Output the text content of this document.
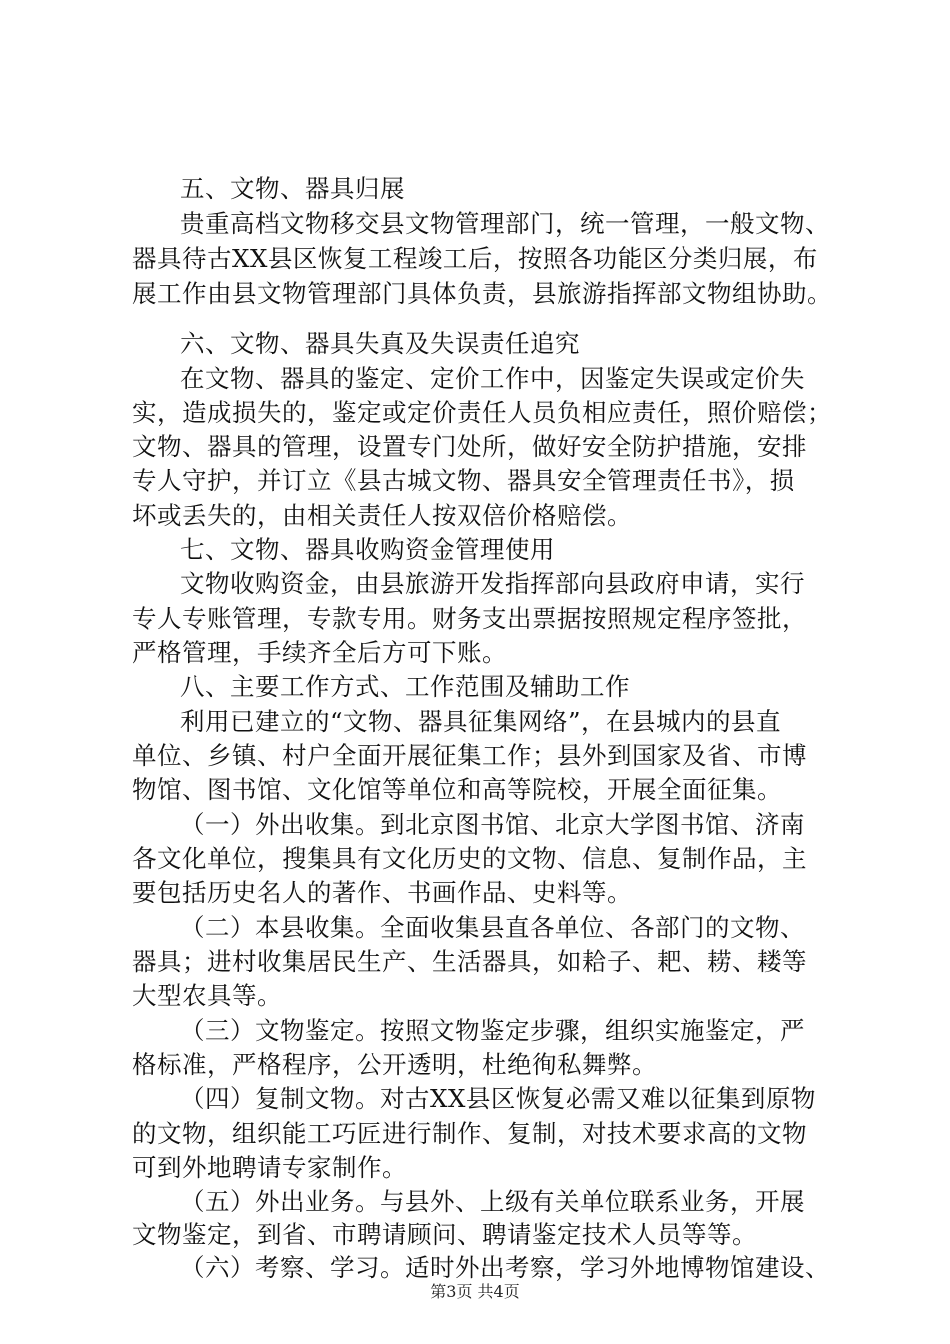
五、文物、器具归展
贵重高档文物移交县文物管理部门，统一管理，一般文物、
器具待古XX县区恢复工程竣工后，按照各功能区分类归展，布
展工作由县文物管理部门具体负责，县旅游指挥部文物组协助。
六、文物、器具失真及失误责任追究
在文物、器具的鉴定、定价工作中，因鉴定失误或定价失
实，造成损失的，鉴定或定价责任人员负相应责任，照价赔偿；
文物、器具的管理，设置专门处所，做好安全防护措施，安排
专人守护，并订立《县古城文物、器具安全管理责任书》，损
坏或丢失的，由相关责任人按双倍价格赔偿。
七、文物、器具收购资金管理使用
文物收购资金，由县旅游开发指挥部向县政府申请，实行
专人专账管理，专款专用。财务支出票据按照规定程序签批，
严格管理，手续齐全后方可下账。
八、主要工作方式、工作范围及辅助工作
利用已建立的“文物、器具征集网络”，在县城内的县直
单位、乡镇、村户全面开展征集工作；县外到国家及省、市博
物馆、图书馆、文化馆等单位和高等院校，开展全面征集。
（一）外出收集。到北京图书馆、北京大学图书馆、济南
各文化单位，搜集具有文化历史的文物、信息、复制作品，主
要包括历史名人的著作、书画作品、史料等。
（二）本县收集。全面收集县直各单位、各部门的文物、
器具；进村收集居民生产、生活器具，如耠子、耙、耢、耧等
大型农具等。
（三）文物鉴定。按照文物鉴定步骤，组织实施鉴定，严
格标准，严格程序，公开透明，杜绝徇私舞弊。
（四）复制文物。对古XX县区恢复必需又难以征集到原物
的文物，组织能工巧匠进行制作、复制，对技术要求高的文物
可到外地聘请专家制作。
（五）外出业务。与县外、上级有关单位联系业务，开展
文物鉴定，到省、市聘请顾问、聘请鉴定技术人员等等。
（六）考察、学习。适时外出考察，学习外地博物馆建设、
第3页 共4页
